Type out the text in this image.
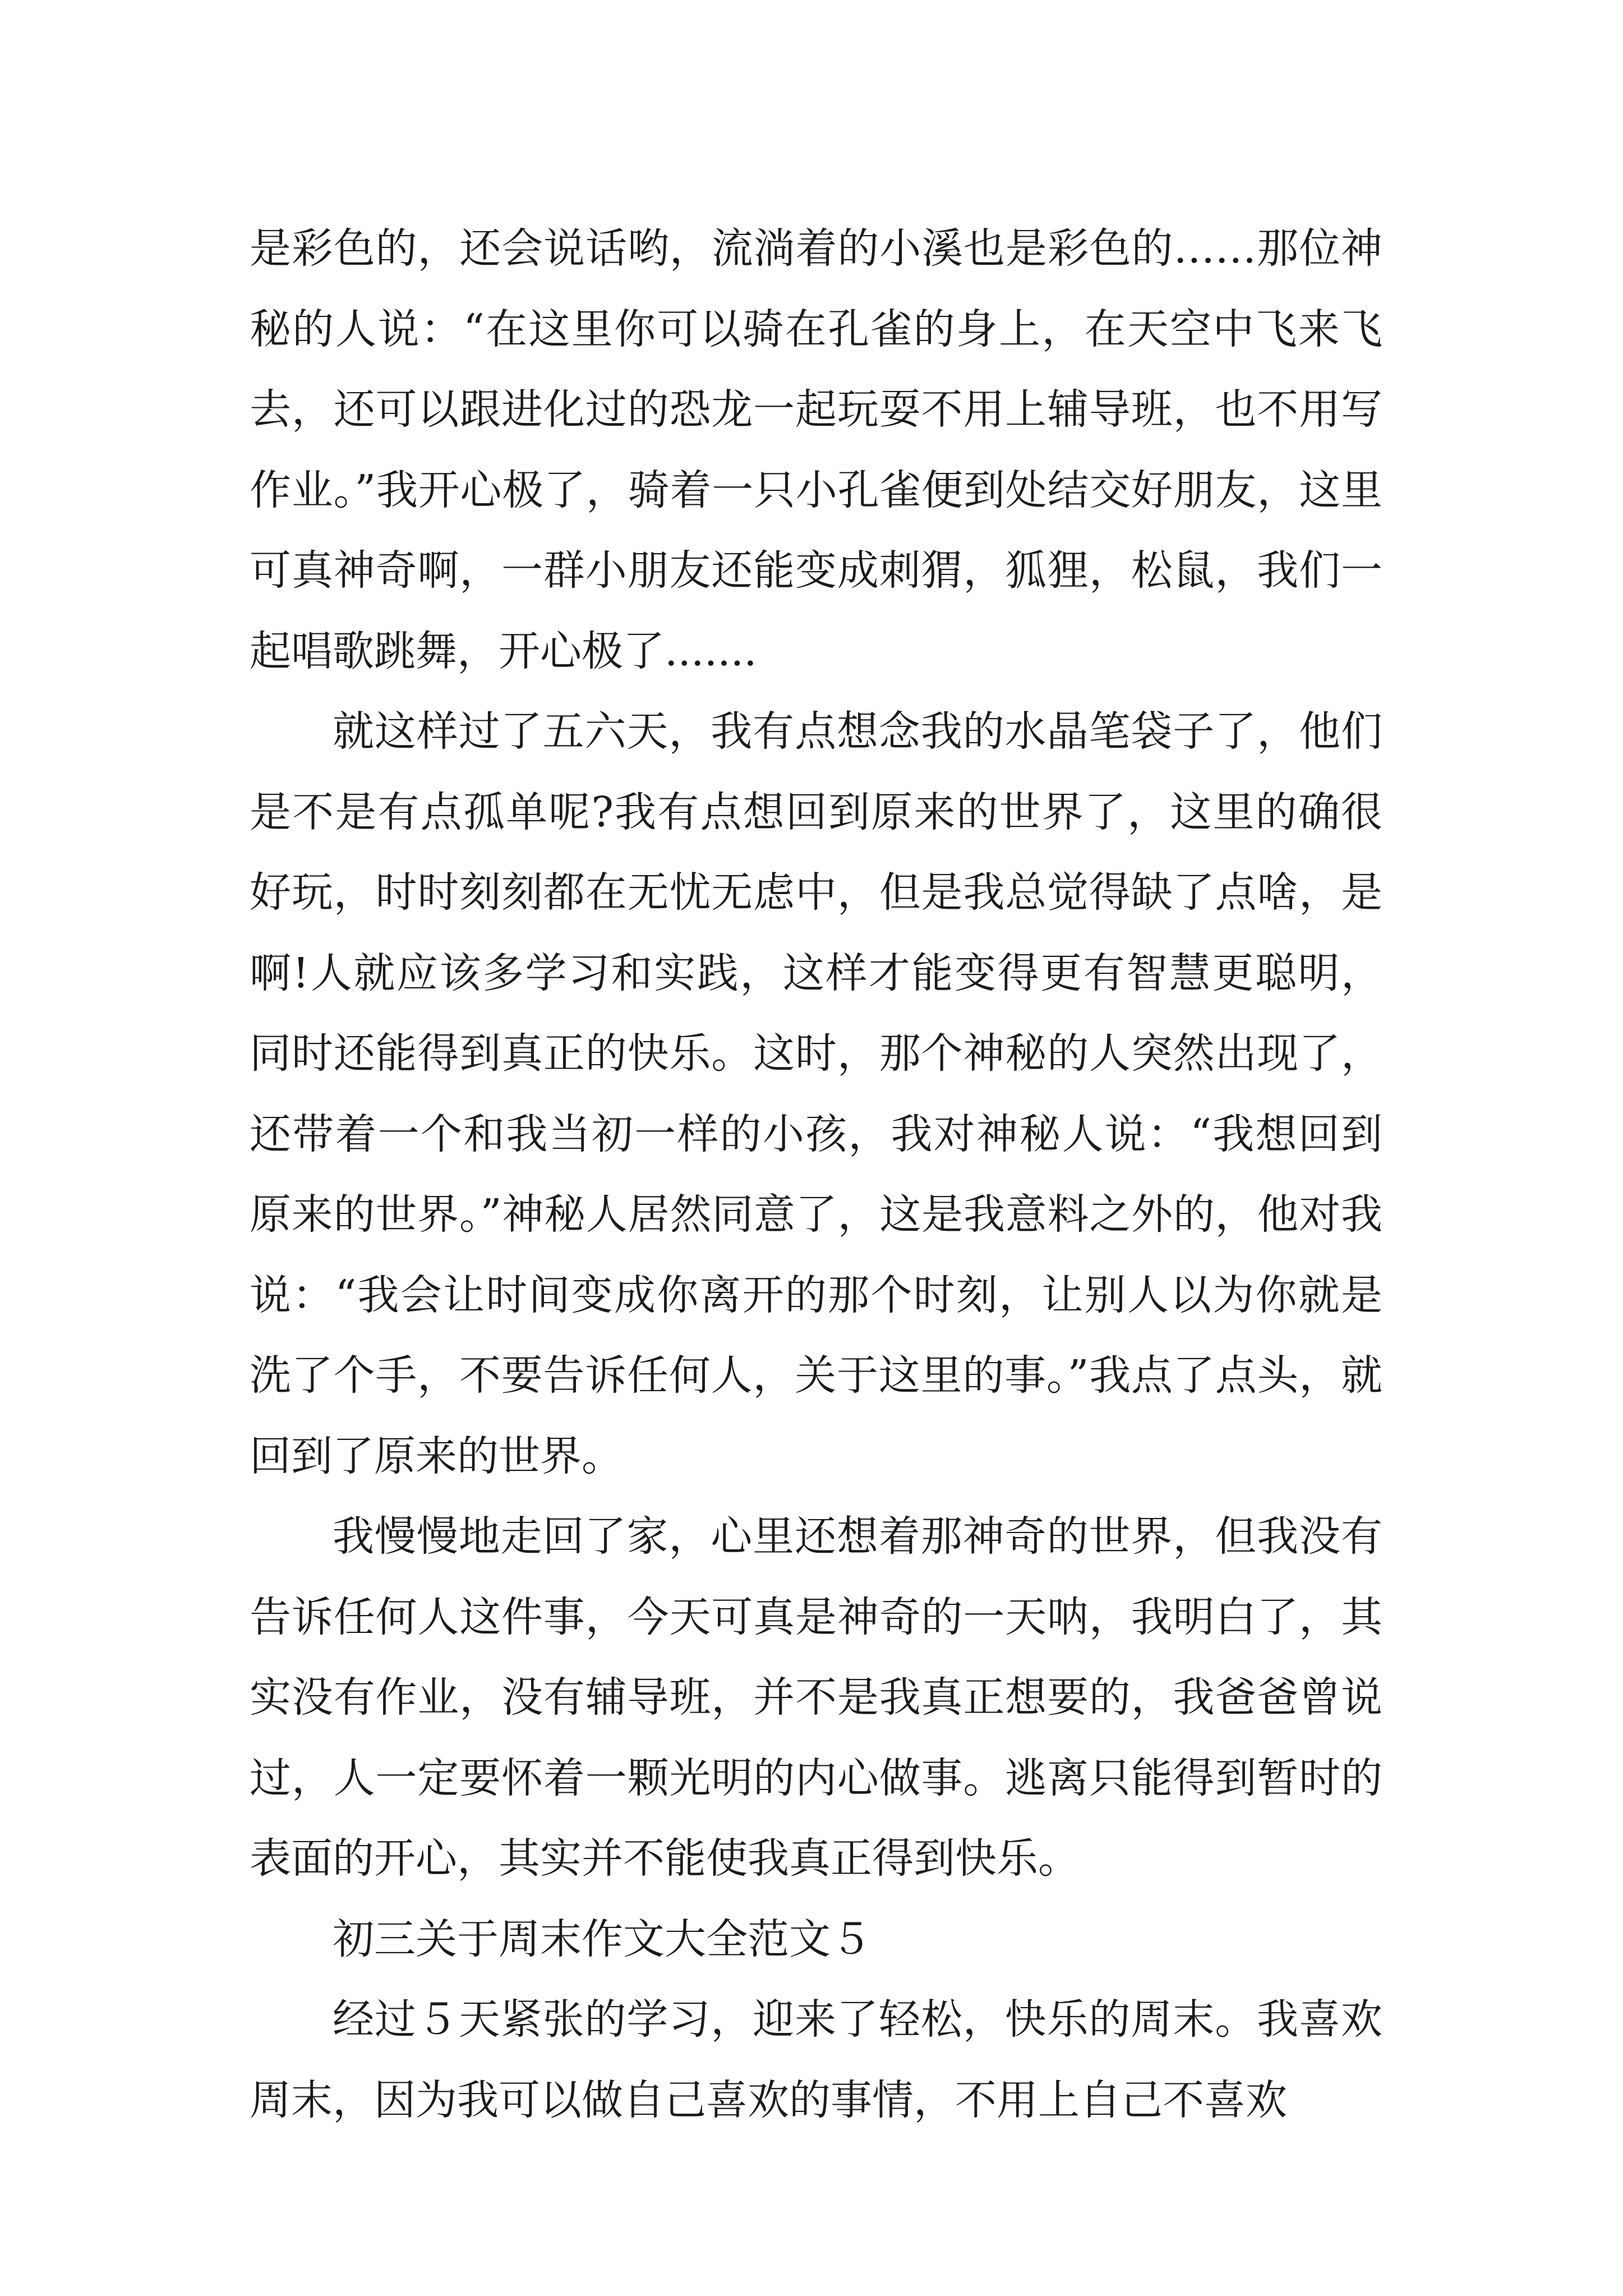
是彩色的，还会说话哟，流淌着的小溪也是彩色的……那位神秘的人说：“在这里你可以骑在孔雀的身上，在天空中飞来飞去，还可以跟进化过的恐龙一起玩耍不用上辅导班，也不用写作业。”我开心极了，骑着一只小孔雀便到处结交好朋友，这里可真神奇啊，一群小朋友还能变成刺猬，狐狸，松鼠，我们一起唱歌跳舞，开心极了.......

就这样过了五六天，我有点想念我的水晶笔袋子了，他们是不是有点孤单呢?我有点想回到原来的世界了，这里的确很好玩，时时刻刻都在无忧无虑中，但是我总觉得缺了点啥，是啊!人就应该多学习和实践，这样才能变得更有智慧更聪明，同时还能得到真正的快乐。这时，那个神秘的人突然出现了，还带着一个和我当初一样的小孩，我对神秘人说：“我想回到原来的世界。”神秘人居然同意了，这是我意料之外的，他对我说：“我会让时间变成你离开的那个时刻，让别人以为你就是洗了个手，不要告诉任何人，关于这里的事。”我点了点头，就回到了原来的世界。

我慢慢地走回了家，心里还想着那神奇的世界，但我没有告诉任何人这件事，今天可真是神奇的一天呐，我明白了，其实没有作业，没有辅导班，并不是我真正想要的，我爸爸曾说过，人一定要怀着一颗光明的内心做事。逃离只能得到暂时的表面的开心，其实并不能使我真正得到快乐。

初三关于周末作文大全范文５

经过５天紧张的学习，迎来了轻松，快乐的周末。我喜欢周末，因为我可以做自己喜欢的事情，不用上自己不喜欢
